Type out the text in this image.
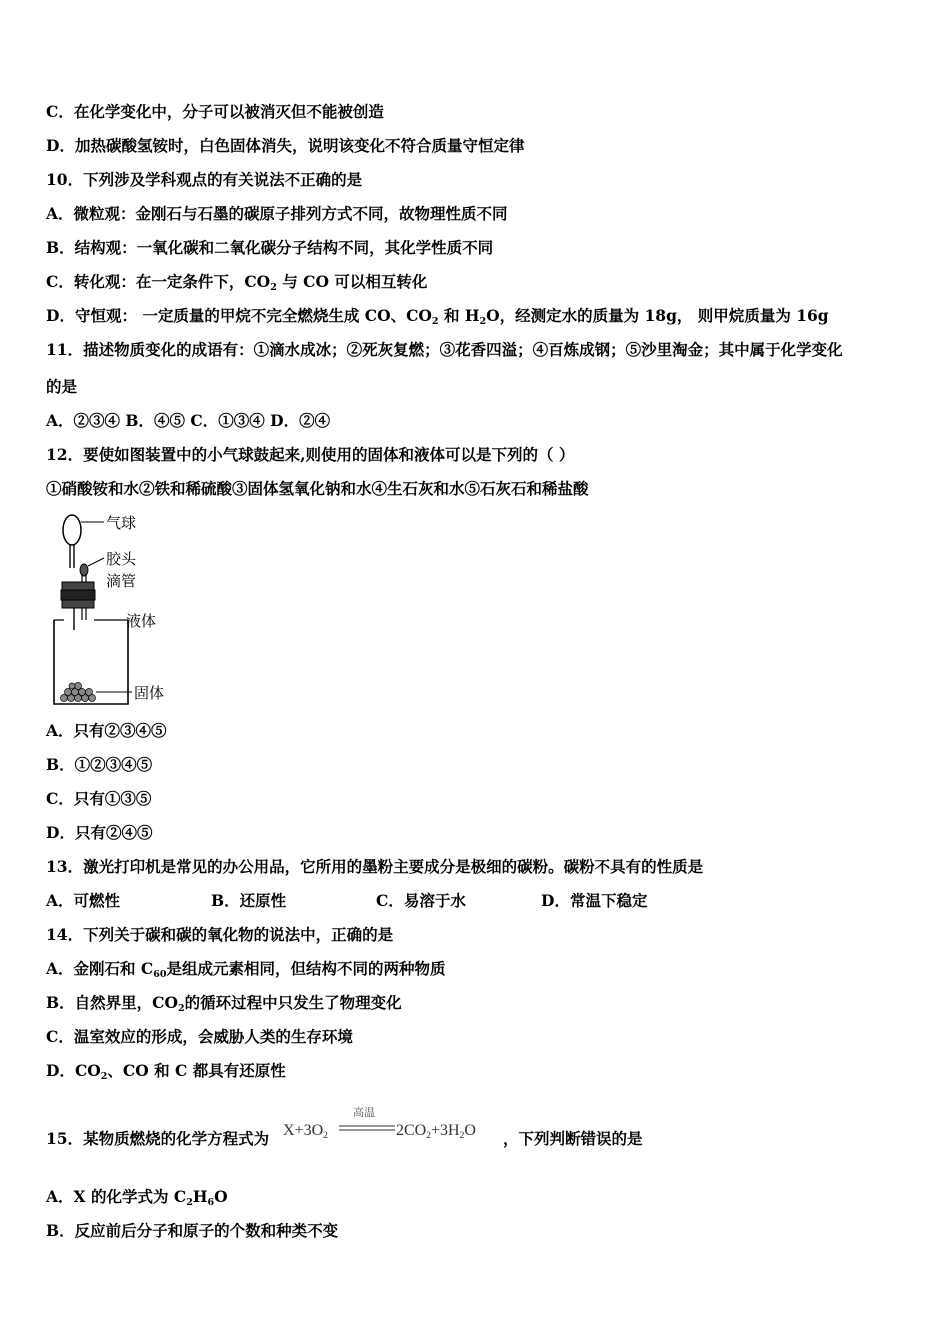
C．在化学变化中，分子可以被消灭但不能被创造
D．加热碳酸氢铵时，白色固体消失，说明该变化不符合质量守恒定律
10．下列涉及学科观点的有关说法不正确的是
A．微粒观：金刚石与石墨的碳原子排列方式不同，故物理性质不同
B．结构观：一氧化碳和二氧化碳分子结构不同，其化学性质不同
C．转化观：在一定条件下，$CO_2$ 与 CO 可以相互转化
D．守恒观： 一定质量的甲烷不完全燃烧生成 CO、$CO_2$ 和 $H_2O$，经测定水的质量为 18g， 则甲烷质量为 16g
11．描述物质变化的成语有：①滴水成冰；②死灰复燃；③花香四溢；④百炼成钢；⑤沙里淘金；其中属于化学变化
的是
A．②③④ B．④⑤ C．①③④ D．②④
12．要使如图装置中的小气球鼓起来,则使用的固体和液体可以是下列的（ ）
①硝酸铵和水②铁和稀硫酸③固体氢氧化钠和水④生石灰和水⑤石灰石和稀盐酸
气球
胶头
滴管
液体
固体
A．只有②③④⑤
B．①②③④⑤
C．只有①③⑤
D．只有②④⑤
13．激光打印机是常见的办公用品，它所用的墨粉主要成分是极细的碳粉。碳粉不具有的性质是
A．可燃性	B．还原性	C．易溶于水	D．常温下稳定
14．下列关于碳和碳的氧化物的说法中，正确的是
A．金刚石和 $C_{60}$是组成元素相同，但结构不同的两种物质
B．自然界里，$CO_2$的循环过程中只发生了物理变化
C．温室效应的形成，会威胁人类的生存环境
D．$CO_2$、CO 和 C 都具有还原性
15．某物质燃烧的化学方程式为 $X+3O_2$
高温
$2CO_2+3H_2O$ ，下列判断错误的是
A．X 的化学式为 $C_2H_6O$
B．反应前后分子和原子的个数和种类不变
